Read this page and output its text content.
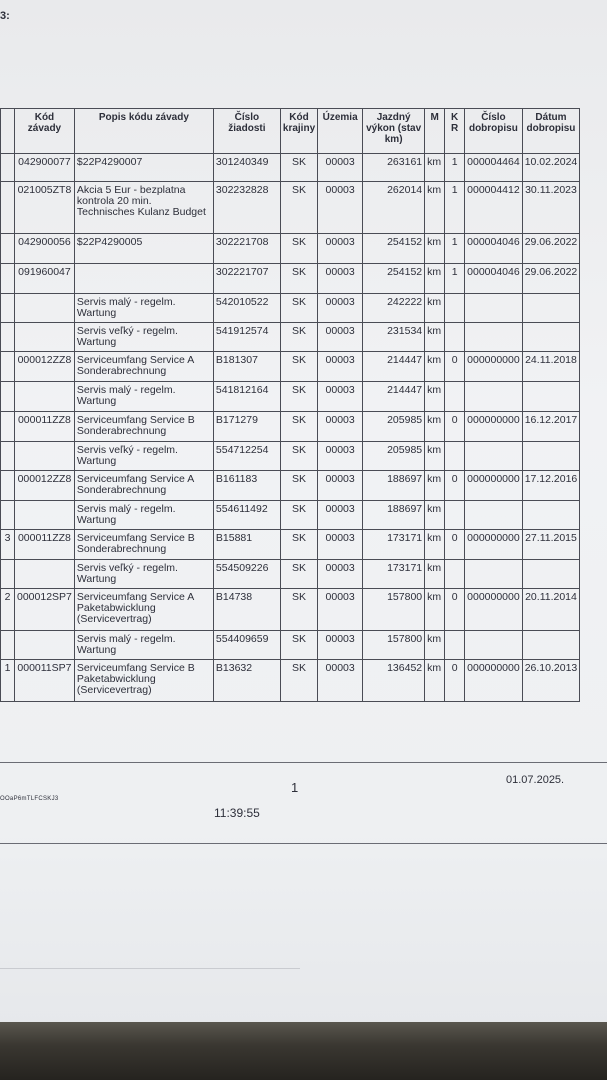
3:
	Kód závady	Popis kódu závady	Číslo žiadosti	Kód krajiny	Územia	Jazdný výkon (stav km)	M	K R	Číslo dobropisu	Dátum dobropisu
	042900077	$22P4290007	301240349	SK	00003	263161	km	1	000004464	10.02.2024
	021005ZT8	Akcia 5 Eur - bezplatna kontrola 20 min. Technisches Kulanz Budget	302232828	SK	00003	262014	km	1	000004412	30.11.2023
	042900056	$22P4290005	302221708	SK	00003	254152	km	1	000004046	29.06.2022
	091960047		302221707	SK	00003	254152	km	1	000004046	29.06.2022
		Servis malý - regelm. Wartung	542010522	SK	00003	242222	km			
		Servis veľký - regelm. Wartung	541912574	SK	00003	231534	km			
	000012ZZ8	Serviceumfang Service A Sonderabrechnung	B181307	SK	00003	214447	km	0	000000000	24.11.2018
		Servis malý - regelm. Wartung	541812164	SK	00003	214447	km			
	000011ZZ8	Serviceumfang Service B Sonderabrechnung	B171279	SK	00003	205985	km	0	000000000	16.12.2017
		Servis veľký - regelm. Wartung	554712254	SK	00003	205985	km			
	000012ZZ8	Serviceumfang Service A Sonderabrechnung	B161183	SK	00003	188697	km	0	000000000	17.12.2016
		Servis malý - regelm. Wartung	554611492	SK	00003	188697	km			
3	000011ZZ8	Serviceumfang Service B Sonderabrechnung	B15881	SK	00003	173171	km	0	000000000	27.11.2015
		Servis veľký - regelm. Wartung	554509226	SK	00003	173171	km			
2	000012SP7	Serviceumfang Service A Paketabwicklung (Servicevertrag)	B14738	SK	00003	157800	km	0	000000000	20.11.2014
		Servis malý - regelm. Wartung	554409659	SK	00003	157800	km			
1	000011SP7	Serviceumfang Service B Paketabwicklung (Servicevertrag)	B13632	SK	00003	136452	km	0	000000000	26.10.2013
1	01.07.2025.
OOaP6mTLFCSKJ3
11:39:55
